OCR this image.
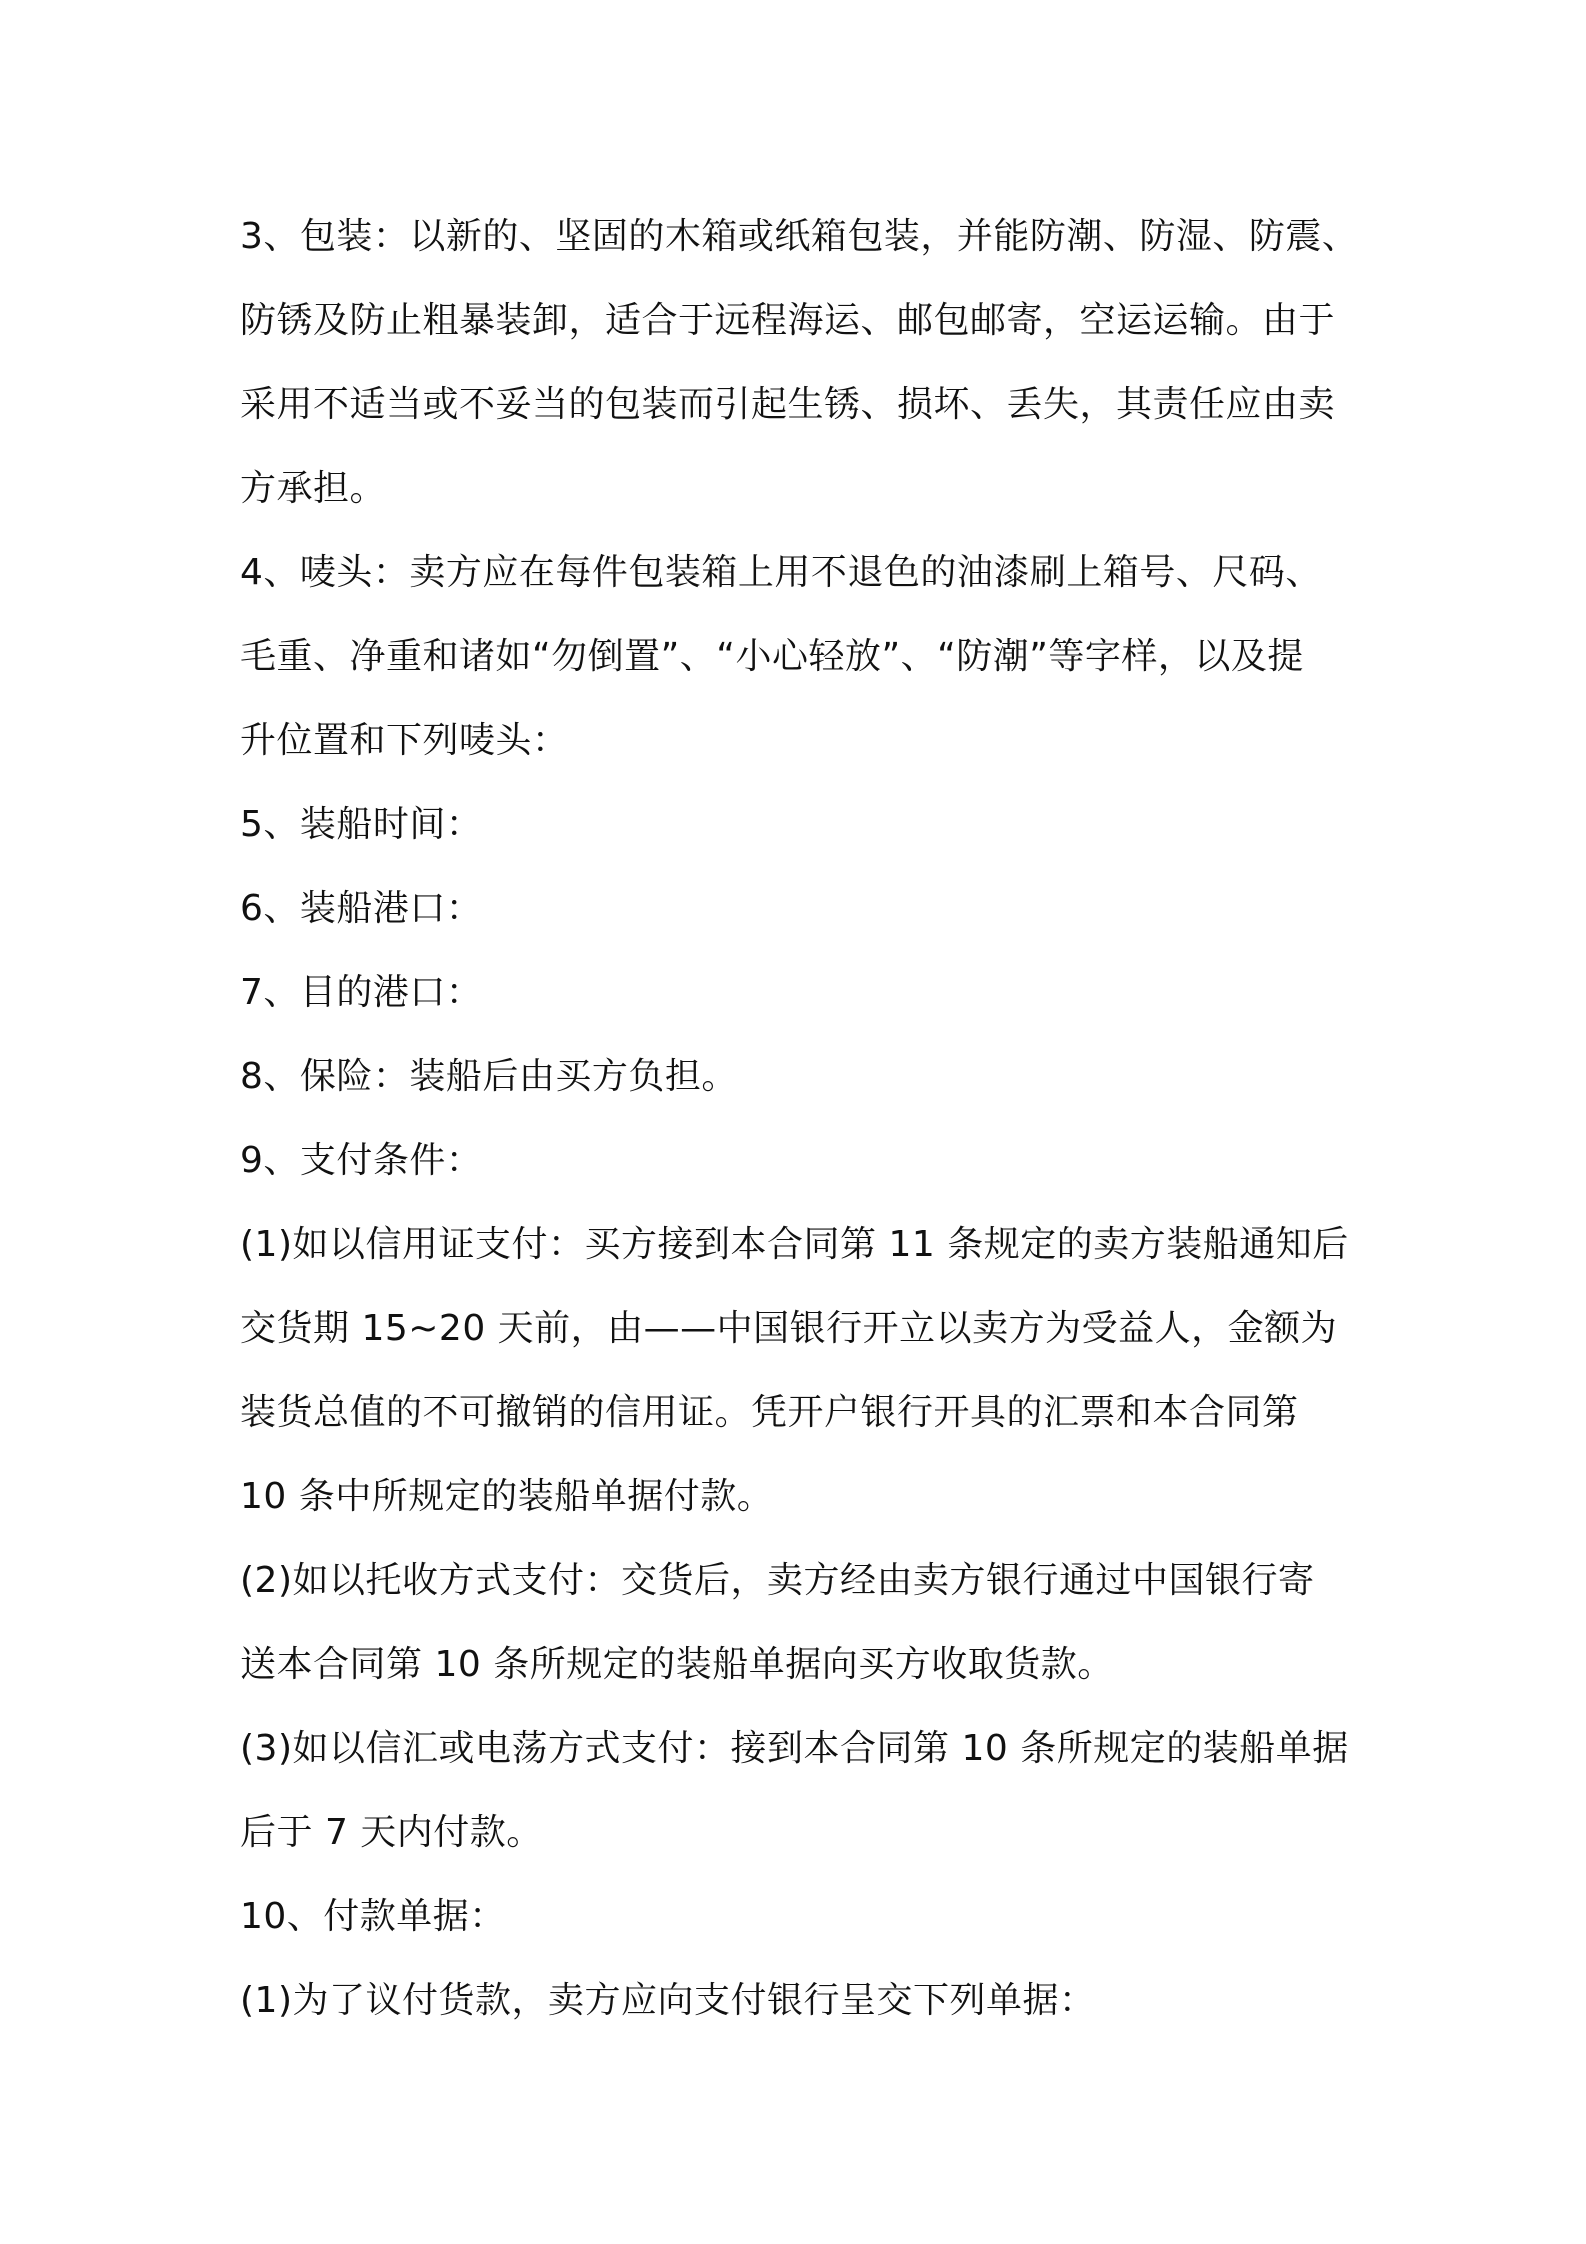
3、包装：以新的、坚固的木箱或纸箱包装，并能防潮、防湿、防震、
防锈及防止粗暴装卸，适合于远程海运、邮包邮寄，空运运输。由于
采用不适当或不妥当的包装而引起生锈、损坏、丢失，其责任应由卖
方承担。
4、唛头：卖方应在每件包装箱上用不退色的油漆刷上箱号、尺码、
毛重、净重和诸如“勿倒置”、“小心轻放”、“防潮”等字样，以及提
升位置和下列唛头：
5、装船时间：
6、装船港口：
7、目的港口：
8、保险：装船后由买方负担。
9、支付条件：
(1)如以信用证支付：买方接到本合同第 11 条规定的卖方装船通知后
交货期 15~20 天前，由——中国银行开立以卖方为受益人，金额为
装货总值的不可撤销的信用证。凭开户银行开具的汇票和本合同第
10 条中所规定的装船单据付款。
(2)如以托收方式支付：交货后，卖方经由卖方银行通过中国银行寄
送本合同第 10 条所规定的装船单据向买方收取货款。
(3)如以信汇或电荡方式支付：接到本合同第 10 条所规定的装船单据
后于 7 天内付款。
10、付款单据：
(1)为了议付货款，卖方应向支付银行呈交下列单据：
